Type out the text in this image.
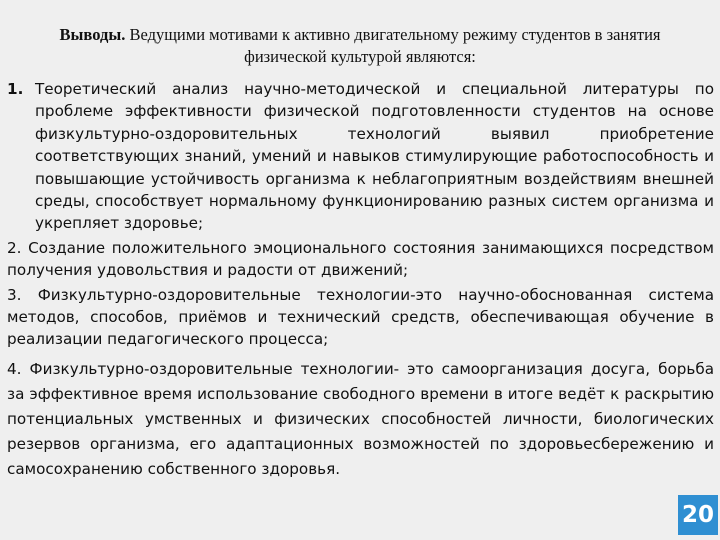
Выводы. Ведущими мотивами к активно двигательному режиму студентов в занятия физической культурой являются:
1. Теоретический анализ научно-методической и специальной литературы по проблеме эффективности физической подготовленности студентов на основе физкультурно-оздоровительных технологий выявил приобретение соответствующих знаний, умений и навыков стимулирующие работоспособность и повышающие устойчивость организма к неблагоприятным воздействиям внешней среды, способствует нормальному функционированию разных систем организма и укрепляет здоровье;
2. Создание положительного эмоционального состояния занимающихся посредством получения удовольствия и радости от движений;
3. Физкультурно-оздоровительные технологии-это научно-обоснованная система методов, способов, приёмов и технический средств, обеспечивающая обучение в реализации педагогического процесса;
4. Физкультурно-оздоровительные технологии- это самоорганизация досуга, борьба за эффективное время использование свободного времени в итоге ведёт к раскрытию потенциальных умственных и физических способностей личности, биологических резервов организма, его адаптационных возможностей по здоровьесбережению и самосохранению собственного здоровья.
20
